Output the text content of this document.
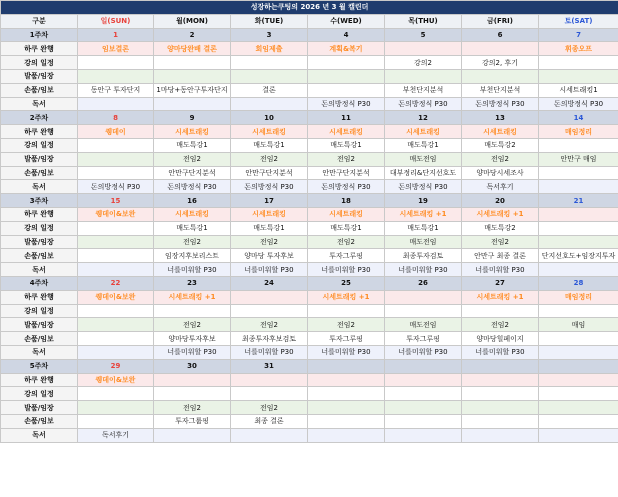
성장하는쿠팅의 2026 년 3 월 캘린더							
구분	일(SUN)	월(MON)	화(TUE)	수(WED)	목(THU)	금(FRI)	토(SAT)
1주차	1	2	3	4	5	6	7
하쿠 완행	임보결론	양마당완배 결론	회임제출	계획&복기			휘종오프
강의 일정					강의2	강의2, 후기	
발품/임장							
손품/임보	동안구 투자단지	1마당+동안구투자단지	결론		부천단지분석	부천단지분석	시세트래킹1
독서				돈의방정식 P30	돈의방정식 P30	돈의방정식 P30	돈의방정식 P30
2주차	8	9	10	11	12	13	14
하쿠 완행	퀭데이	시세트래킹	시세트래킹	시세트래킹	시세트래킹	시세트래킹	매임정리
강의 일정		매도특강1	매도특강1	매도특강1	매도특강1	매도특강2	
발품/임장		전임2	전임2	전임2	매도전임	전임2	안만구 매임
손품/임보		안만구단지분석	안만구단지분석	안만구단지분석	대부정리&단지선호도	양마당시세조사	
독서	돈의방정식 P30	돈의방정식 P30	돈의방정식 P30	돈의방정식 P30	돈의방정식 P30	독서후기	
3주차	15	16	17	18	19	20	21
하쿠 완행	퀭데이&보완	시세트래킹	시세트래킹	시세트래킹	시세트래킹 +1	시세트래킹 +1	
강의 일정		매도특강1	매도특강1	매도특강1	매도특강1	매도특강2	
발품/임장		전임2	전임2	전임2	매도전임	전임2	
손품/임보		임장지후보리스트	양마당 투자후보	투자그루핑	최종투자검토	안만구 최종 결론	단지선호도+임장지투자
독서		너를미워할 P30	너를미워할 P30	너를미워할 P30	너를미워할 P30	너를미워할 P30	
4주차	22	23	24	25	26	27	28
하쿠 완행	퀭데이&보완	시세트래킹 +1		시세트래킹 +1		시세트래킹 +1	매임정리
강의 일정							
발품/임장		전임2	전임2	전임2	매도전임	전임2	매임
손품/임보		양마당투자후보	최종투자후보검토	투자그루핑	투자그루핑	양마당힐페이지	
독서		너를미워할 P30	너를미워할 P30	너를미워할 P30	너를미워할 P30	너를미워할 P30	
5주차	29	30	31				
하쿠 완행	퀭데이&보완						
강의 일정							
발품/임장		전임2	전임2				
손품/임보		투자그룹핑	최종 결론				
독서	독서후기						
